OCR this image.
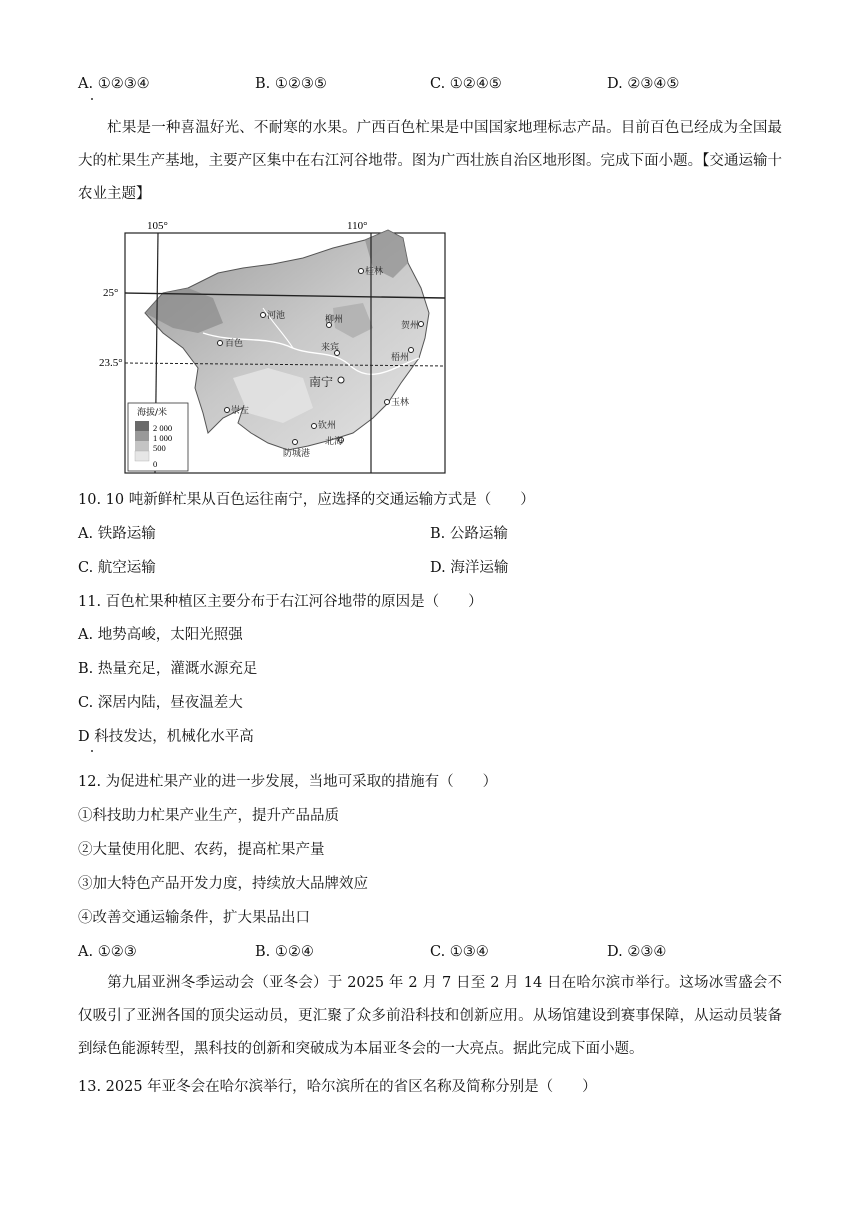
A. ①②③④	B. ①②③⑤	C. ①②④⑤	D. ②③④⑤
杧果是一种喜温好光、不耐寒的水果。广西百色杧果是中国国家地理标志产品。目前百色已经成为全国最大的杧果生产基地，主要产区集中在右江河谷地带。图为广西壮族自治区地形图。完成下面小题。【交通运输十农业主题】
105°	110°
25°
23.5°
桂林
河池	柳州
贺州
百色	来宾
梧州
南宁
玉林
崇左
钦州
北海
防城港
海拔/米
2 000
1 000
500
0
10. 10 吨新鲜杧果从百色运往南宁，应选择的交通运输方式是（　　）
A. 铁路运输	B. 公路运输
C. 航空运输	D. 海洋运输
11. 百色杧果种植区主要分布于右江河谷地带的原因是（　　）
A. 地势高峻，太阳光照强
B. 热量充足，灌溉水源充足
C. 深居内陆，昼夜温差大
D 科技发达，机械化水平高
12. 为促进杧果产业的进一步发展，当地可采取的措施有（　　）
①科技助力杧果产业生产，提升产品品质
②大量使用化肥、农药，提高杧果产量
③加大特色产品开发力度，持续放大品牌效应
④改善交通运输条件，扩大果品出口
A. ①②③	B. ①②④	C. ①③④	D. ②③④
第九届亚洲冬季运动会（亚冬会）于 2025 年 2 月 7 日至 2 月 14 日在哈尔滨市举行。这场冰雪盛会不仅吸引了亚洲各国的顶尖运动员，更汇聚了众多前沿科技和创新应用。从场馆建设到赛事保障，从运动员装备到绿色能源转型，黑科技的创新和突破成为本届亚冬会的一大亮点。据此完成下面小题。
13. 2025 年亚冬会在哈尔滨举行，哈尔滨所在的省区名称及简称分别是（　　）
